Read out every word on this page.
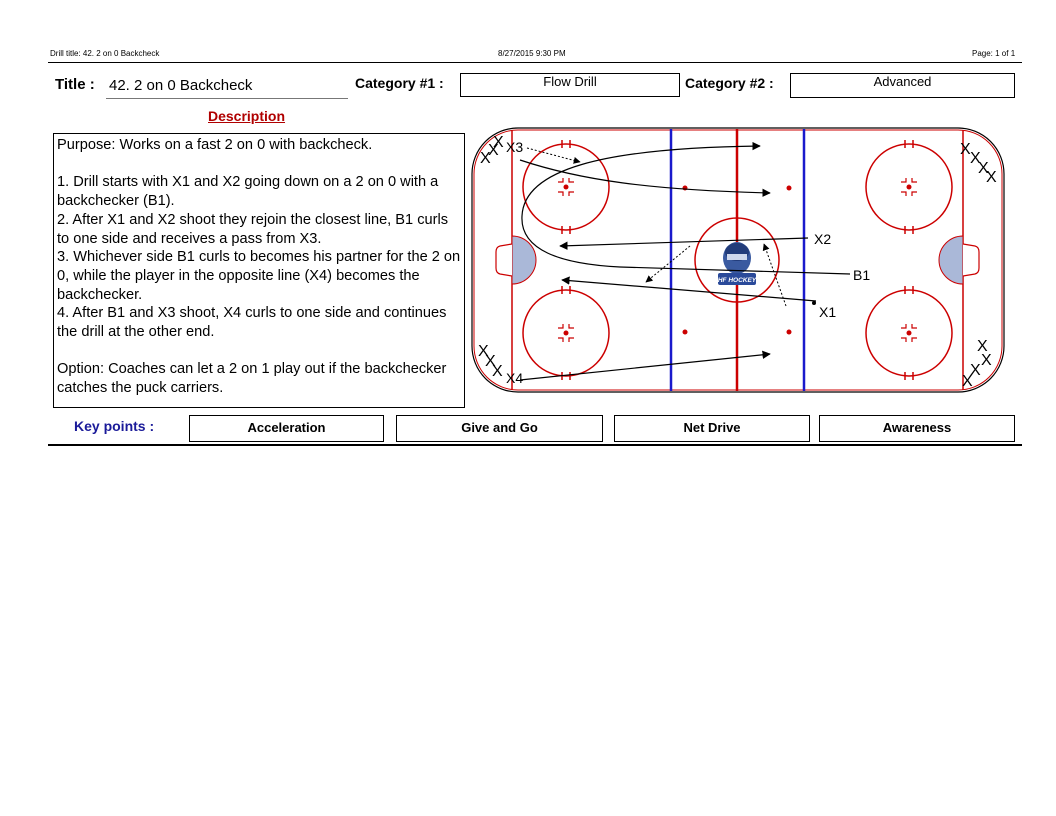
Drill title: 42. 2 on 0 Backcheck	8/27/2015 9:30 PM	Page: 1 of 1
Title : 42. 2 on 0 Backcheck	Category #1 :	Flow Drill	Category #2 :	Advanced
Description

Purpose: Works on a fast 2 on 0 with backcheck.

1. Drill starts with X1 and X2 going down on a 2 on 0 with a backchecker (B1).

2. After X1 and X2 shoot they rejoin the closest line, B1 curls to one side and receives a pass from X3.

3. Whichever side B1 curls to becomes his partner for the 2 on 0, while the player in the opposite line (X4) becomes the backchecker.

4. After B1 and X3 shoot, X4 curls to one side and continues the drill at the other end.

Option: Coaches can let a 2 on 1 play out if the backchecker catches the puck carriers.

HF HOCKEY
X
X
X
X
X
X
X
X
X
X
X
X
X
X
X3
X2
B1
X1
X4
Key points :	Acceleration	Give and Go	Net Drive	Awareness
